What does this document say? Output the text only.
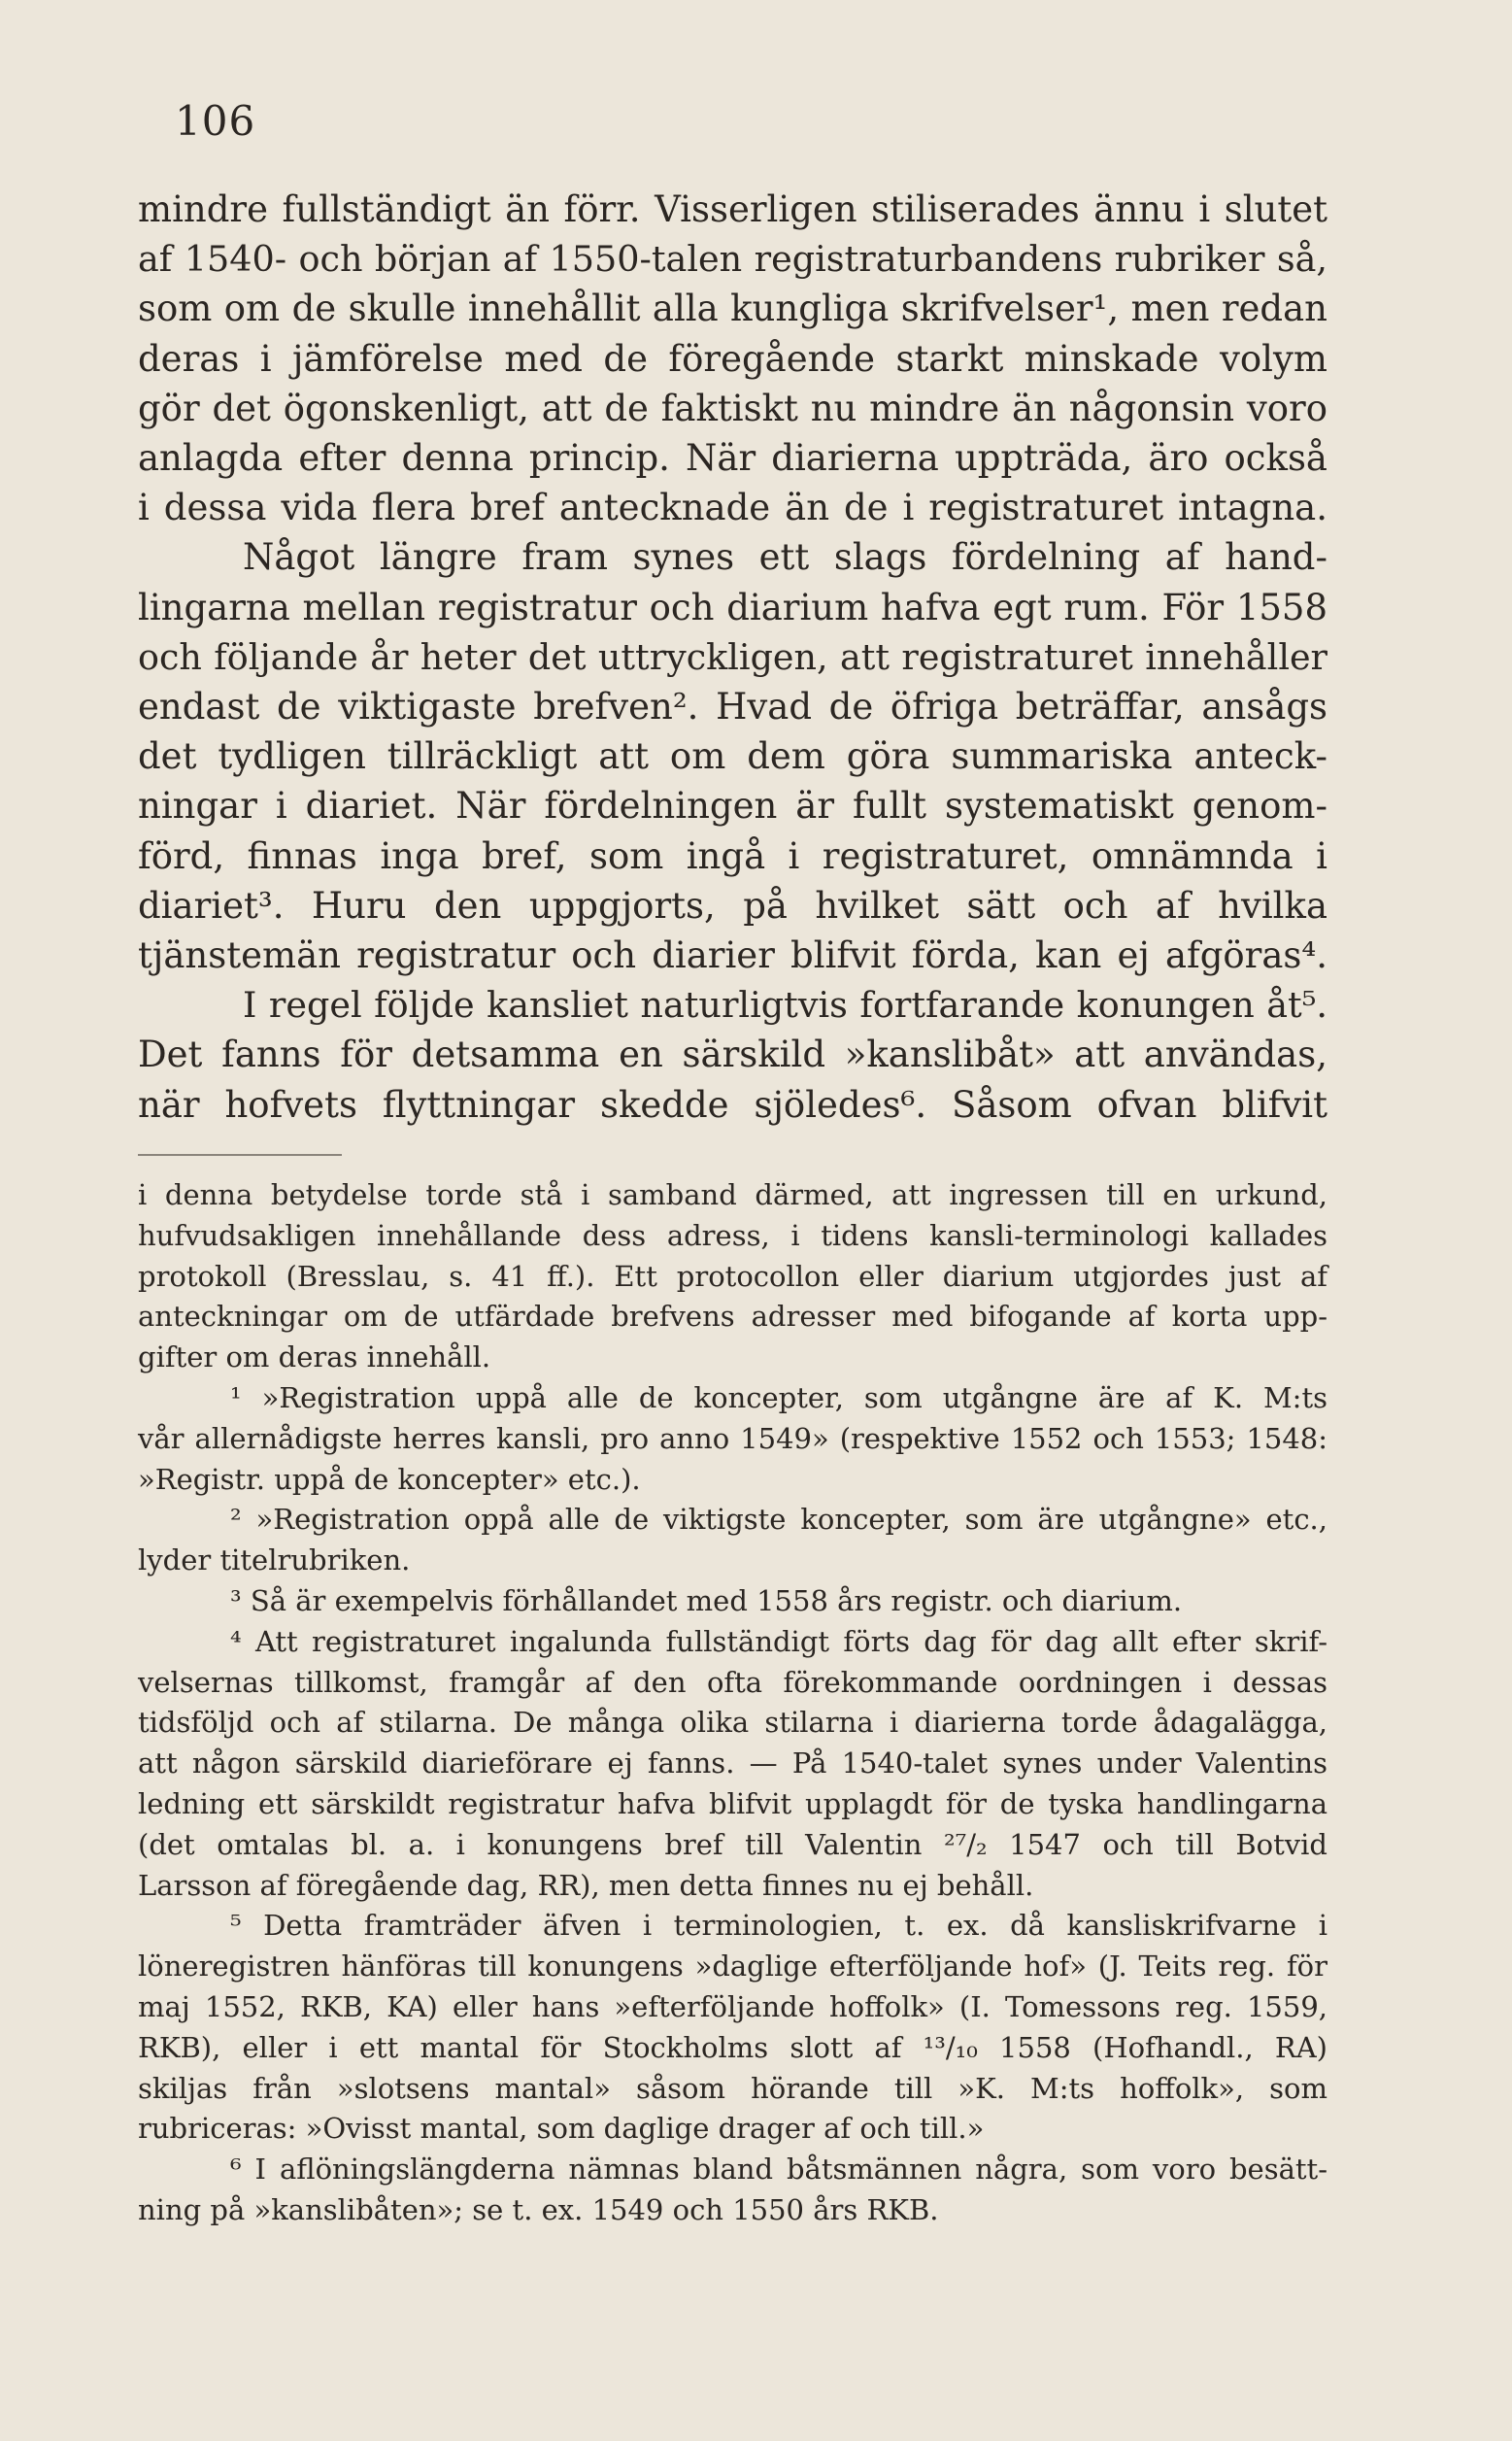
106
mindre fullständigt än förr. Visserligen stiliserades ännu i slutet
af 1540- och början af 1550-talen registraturbandens rubriker så,
som om de skulle innehållit alla kungliga skrifvelser¹, men redan
deras i jämförelse med de föregående starkt minskade volym
gör det ögonskenligt, att de faktiskt nu mindre än någonsin voro
anlagda efter denna princip. När diarierna uppträda, äro också
i dessa vida flera bref antecknade än de i registraturet intagna.
Något längre fram synes ett slags fördelning af hand-
lingarna mellan registratur och diarium hafva egt rum. För 1558
och följande år heter det uttryckligen, att registraturet innehåller
endast de viktigaste brefven². Hvad de öfriga beträffar, ansågs
det tydligen tillräckligt att om dem göra summariska anteck-
ningar i diariet. När fördelningen är fullt systematiskt genom-
förd, finnas inga bref, som ingå i registraturet, omnämnda i
diariet³. Huru den uppgjorts, på hvilket sätt och af hvilka
tjänstemän registratur och diarier blifvit förda, kan ej afgöras⁴.
I regel följde kansliet naturligtvis fortfarande konungen åt⁵.
Det fanns för detsamma en särskild »kanslibåt» att användas,
när hofvets flyttningar skedde sjöledes⁶. Såsom ofvan blifvit
i denna betydelse torde stå i samband därmed, att ingressen till en urkund,
hufvudsakligen innehållande dess adress, i tidens kansli-terminologi kallades
protokoll (Bresslau, s. 41 ff.). Ett protocollon eller diarium utgjordes just af
anteckningar om de utfärdade brefvens adresser med bifogande af korta upp-
gifter om deras innehåll.
¹ »Registration uppå alle de koncepter, som utgångne äre af K. M:ts
vår allernådigste herres kansli, pro anno 1549» (respektive 1552 och 1553; 1548:
»Registr. uppå de koncepter» etc.).
² »Registration oppå alle de viktigste koncepter, som äre utgångne» etc.,
lyder titelrubriken.
³ Så är exempelvis förhållandet med 1558 års registr. och diarium.
⁴ Att registraturet ingalunda fullständigt förts dag för dag allt efter skrif-
velsernas tillkomst, framgår af den ofta förekommande oordningen i dessas
tidsföljd och af stilarna. De många olika stilarna i diarierna torde ådagalägga,
att någon särskild diarieförare ej fanns. — På 1540-talet synes under Valentins
ledning ett särskildt registratur hafva blifvit upplagdt för de tyska handlingarna
(det omtalas bl. a. i konungens bref till Valentin ²⁷/₂ 1547 och till Botvid
Larsson af föregående dag, RR), men detta finnes nu ej behåll.
⁵ Detta framträder äfven i terminologien, t. ex. då kansliskrifvarne i
löneregistren hänföras till konungens »daglige efterföljande hof» (J. Teits reg. för
maj 1552, RKB, KA) eller hans »efterföljande hoffolk» (I. Tomessons reg. 1559,
RKB), eller i ett mantal för Stockholms slott af ¹³/₁₀ 1558 (Hofhandl., RA)
skiljas från »slotsens mantal» såsom hörande till »K. M:ts hoffolk», som
rubriceras: »Ovisst mantal, som daglige drager af och till.»
⁶ I aflöningslängderna nämnas bland båtsmännen några, som voro besätt-
ning på »kanslibåten»; se t. ex. 1549 och 1550 års RKB.
